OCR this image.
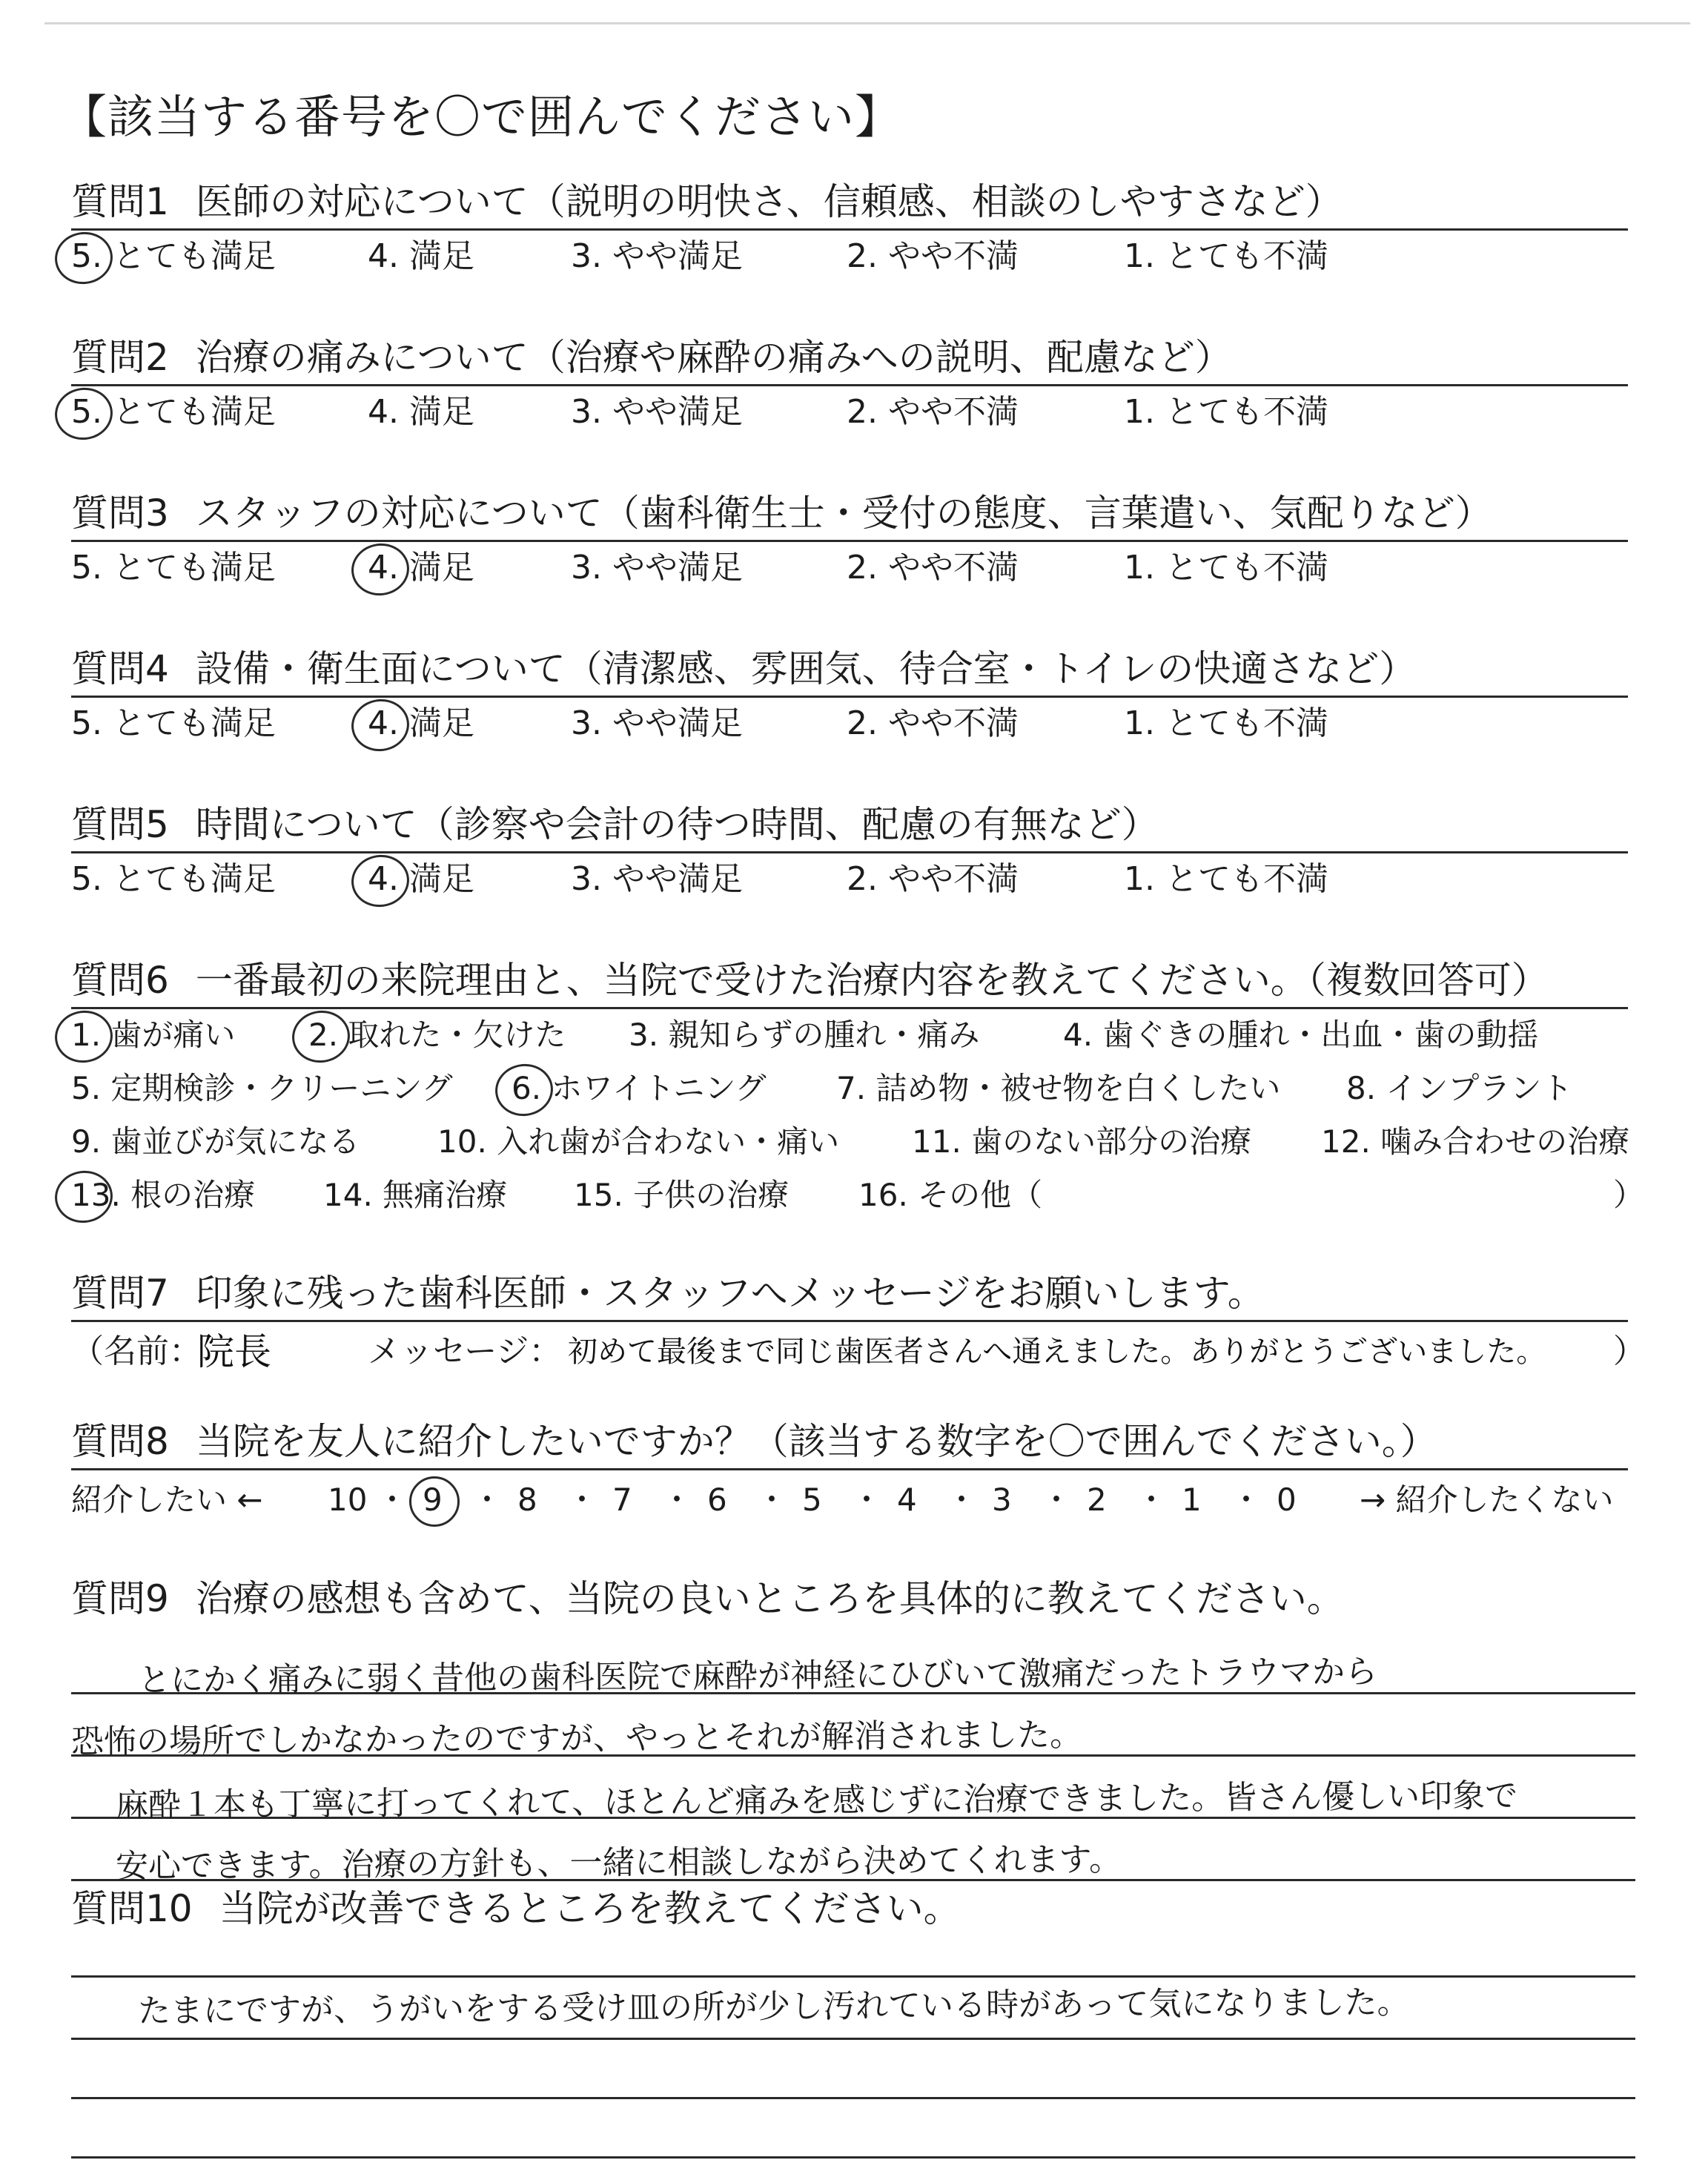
【該当する番号を〇で囲んでください】
質問1 医師の対応について（説明の明快さ、信頼感、相談のしやすさなど）
5. とても満足	4. 満足	3. やや満足	2. やや不満	1. とても不満
質問2 治療の痛みについて（治療や麻酔の痛みへの説明、配慮など）
5. とても満足	4. 満足	3. やや満足	2. やや不満	1. とても不満
質問3 スタッフの対応について（歯科衛生士・受付の態度、言葉遣い、気配りなど）
5. とても満足	4. 満足	3. やや満足	2. やや不満	1. とても不満
質問4 設備・衛生面について（清潔感、雰囲気、待合室・トイレの快適さなど）
5. とても満足	4. 満足	3. やや満足	2. やや不満	1. とても不満
質問5 時間について（診察や会計の待つ時間、配慮の有無など）
5. とても満足	4. 満足	3. やや満足	2. やや不満	1. とても不満
質問6 一番最初の来院理由と、当院で受けた治療内容を教えてください。（複数回答可）
1. 歯が痛い 2. 取れた・欠けた 3. 親知らずの腫れ・痛み	4. 歯ぐきの腫れ・出血・歯の動揺
5. 定期検診・クリーニング 6. ホワイトニング 7. 詰め物・被せ物を白くしたい 8. インプラント
9. 歯並びが気になる 10. 入れ歯が合わない・痛い 11. 歯のない部分の治療 12. 噛み合わせの治療
13. 根の治療 14. 無痛治療 15. 子供の治療 16. その他（	）
質問7 印象に残った歯科医師・スタッフへメッセージをお願いします。
（名前：
院長	メッセージ： 初めて最後まで同じ歯医者さんへ通えました。ありがとうございました。 ）
質問8 当院を友人に紹介したいですか？（該当する数字を〇で囲んでください。）
紹介したい ←	→ 紹介したくない
10 ・ 9 ・ 8 ・ 7 ・ 6 ・ 5 ・ 4 ・ 3 ・ 2 ・ 1 ・ 0
質問9 治療の感想も含めて、当院の良いところを具体的に教えてください。
とにかく痛みに弱く昔他の歯科医院で麻酔が神経にひびいて激痛だったトラウマから
恐怖の場所でしかなかったのですが、やっとそれが解消されました。
麻酔１本も丁寧に打ってくれて、ほとんど痛みを感じずに治療できました。皆さん優しい印象で
安心できます。治療の方針も、一緒に相談しながら決めてくれます。
質問10 当院が改善できるところを教えてください。
たまにですが、うがいをする受け皿の所が少し汚れている時があって気になりました。
